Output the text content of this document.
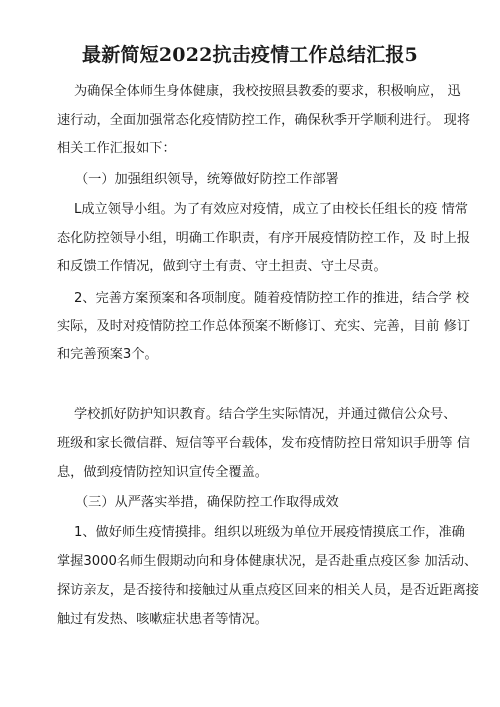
最新简短2022抗击疫情工作总结汇报5
为确保全体师生身体健康，我校按照县教委的要求，积极响应， 迅
速行动，全面加强常态化疫情防控工作，确保秋季开学顺利进行。 现将
相关工作汇报如下：
（一）加强组织领导，统筹做好防控工作部署
L成立领导小组。为了有效应对疫情，成立了由校长任组长的疫 情常
态化防控领导小组，明确工作职责，有序开展疫情防控工作，及 时上报
和反馈工作情况，做到守土有责、守土担责、守土尽责。
2、完善方案预案和各项制度。随着疫情防控工作的推进，结合学 校
实际，及时对疫情防控工作总体预案不断修订、充实、完善，目前 修订
和完善预案3个。
学校抓好防护知识教育。结合学生实际情况，并通过微信公众号、
班级和家长微信群、短信等平台载体，发布疫情防控日常知识手册等 信
息，做到疫情防控知识宣传全覆盖。
（三）从严落实举措，确保防控工作取得成效
1、做好师生疫情摸排。组织以班级为单位开展疫情摸底工作，准确
掌握3000名师生假期动向和身体健康状况，是否赴重点疫区参 加活动、
探访亲友，是否接待和接触过从重点疫区回来的相关人员，是否近距离接
触过有发热、咳嗽症状患者等情况。
